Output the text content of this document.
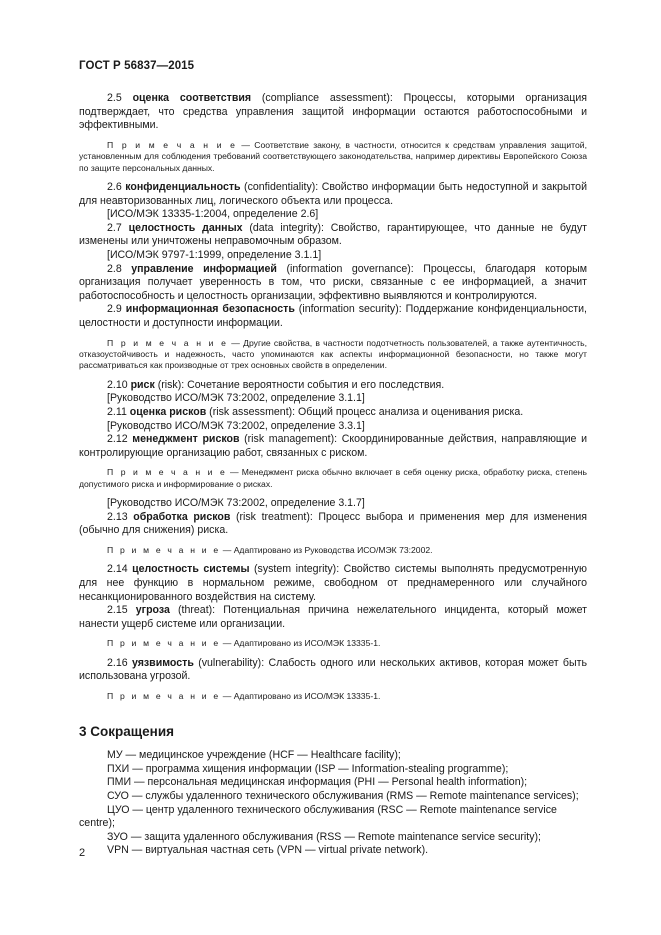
ГОСТ Р 56837—2015

2.5 оценка соответствия (compliance assessment): Процессы, которыми организация подтверждает, что средства управления защитой информации остаются работоспособными и эффективными.

П р и м е ч а н и е — Соответствие закону, в частности, относится к средствам управления защитой, установленным для соблюдения требований соответствующего законодательства, например директивы Европейского Союза по защите персональных данных.

2.6 конфиденциальность (confidentiality): Свойство информации быть недоступной и закрытой для неавторизованных лиц, логического объекта или процесса.

[ИСО/МЭК 13335-1:2004, определение 2.6]

2.7 целостность данных (data integrity): Свойство, гарантирующее, что данные не будут изменены или уничтожены неправомочным образом.

[ИСО/МЭК 9797-1:1999, определение 3.1.1]

2.8 управление информацией (information governance): Процессы, благодаря которым организация получает уверенность в том, что риски, связанные с ее информацией, а значит работоспособность и целостность организации, эффективно выявляются и контролируются.

2.9 информационная безопасность (information security): Поддержание конфиденциальности, целостности и доступности информации.

П р и м е ч а н и е — Другие свойства, в частности подотчетность пользователей, а также аутентичность, отказоустойчивость и надежность, часто упоминаются как аспекты информационной безопасности, но также могут рассматриваться как производные от трех основных свойств в определении.

2.10 риск (risk): Сочетание вероятности события и его последствия.

[Руководство ИСО/МЭК 73:2002, определение 3.1.1]

2.11 оценка рисков (risk assessment): Общий процесс анализа и оценивания риска.

[Руководство ИСО/МЭК 73:2002, определение 3.3.1]

2.12 менеджмент рисков (risk management): Скоординированные действия, направляющие и контролирующие организацию работ, связанных с риском.

П р и м е ч а н и е — Менеджмент риска обычно включает в себя оценку риска, обработку риска, степень допустимого риска и информирование о рисках.

[Руководство ИСО/МЭК 73:2002, определение 3.1.7]

2.13 обработка рисков (risk treatment): Процесс выбора и применения мер для изменения (обычно для снижения) риска.

П р и м е ч а н и е — Адаптировано из Руководства ИСО/МЭК 73:2002.

2.14 целостность системы (system integrity): Свойство системы выполнять предусмотренную для нее функцию в нормальном режиме, свободном от преднамеренного или случайного несанкционированного воздействия на систему.

2.15 угроза (threat): Потенциальная причина нежелательного инцидента, который может нанести ущерб системе или организации.

П р и м е ч а н и е — Адаптировано из ИСО/МЭК 13335-1.

2.16 уязвимость (vulnerability): Слабость одного или нескольких активов, которая может быть использована угрозой.

П р и м е ч а н и е — Адаптировано из ИСО/МЭК 13335-1.

3 Сокращения

МУ — медицинское учреждение (HCF — Healthcare facility);

ПХИ — программа хищения информации (ISP — Information-stealing programme);

ПМИ — персональная медицинская информация (PHI — Personal health information);

СУО — службы удаленного технического обслуживания (RMS — Remote maintenance services);

ЦУО — центр удаленного технического обслуживания (RSC — Remote maintenance service centre);

ЗУО — защита удаленного обслуживания (RSS — Remote maintenance service security);

VPN — виртуальная частная сеть (VPN — virtual private network).

2
